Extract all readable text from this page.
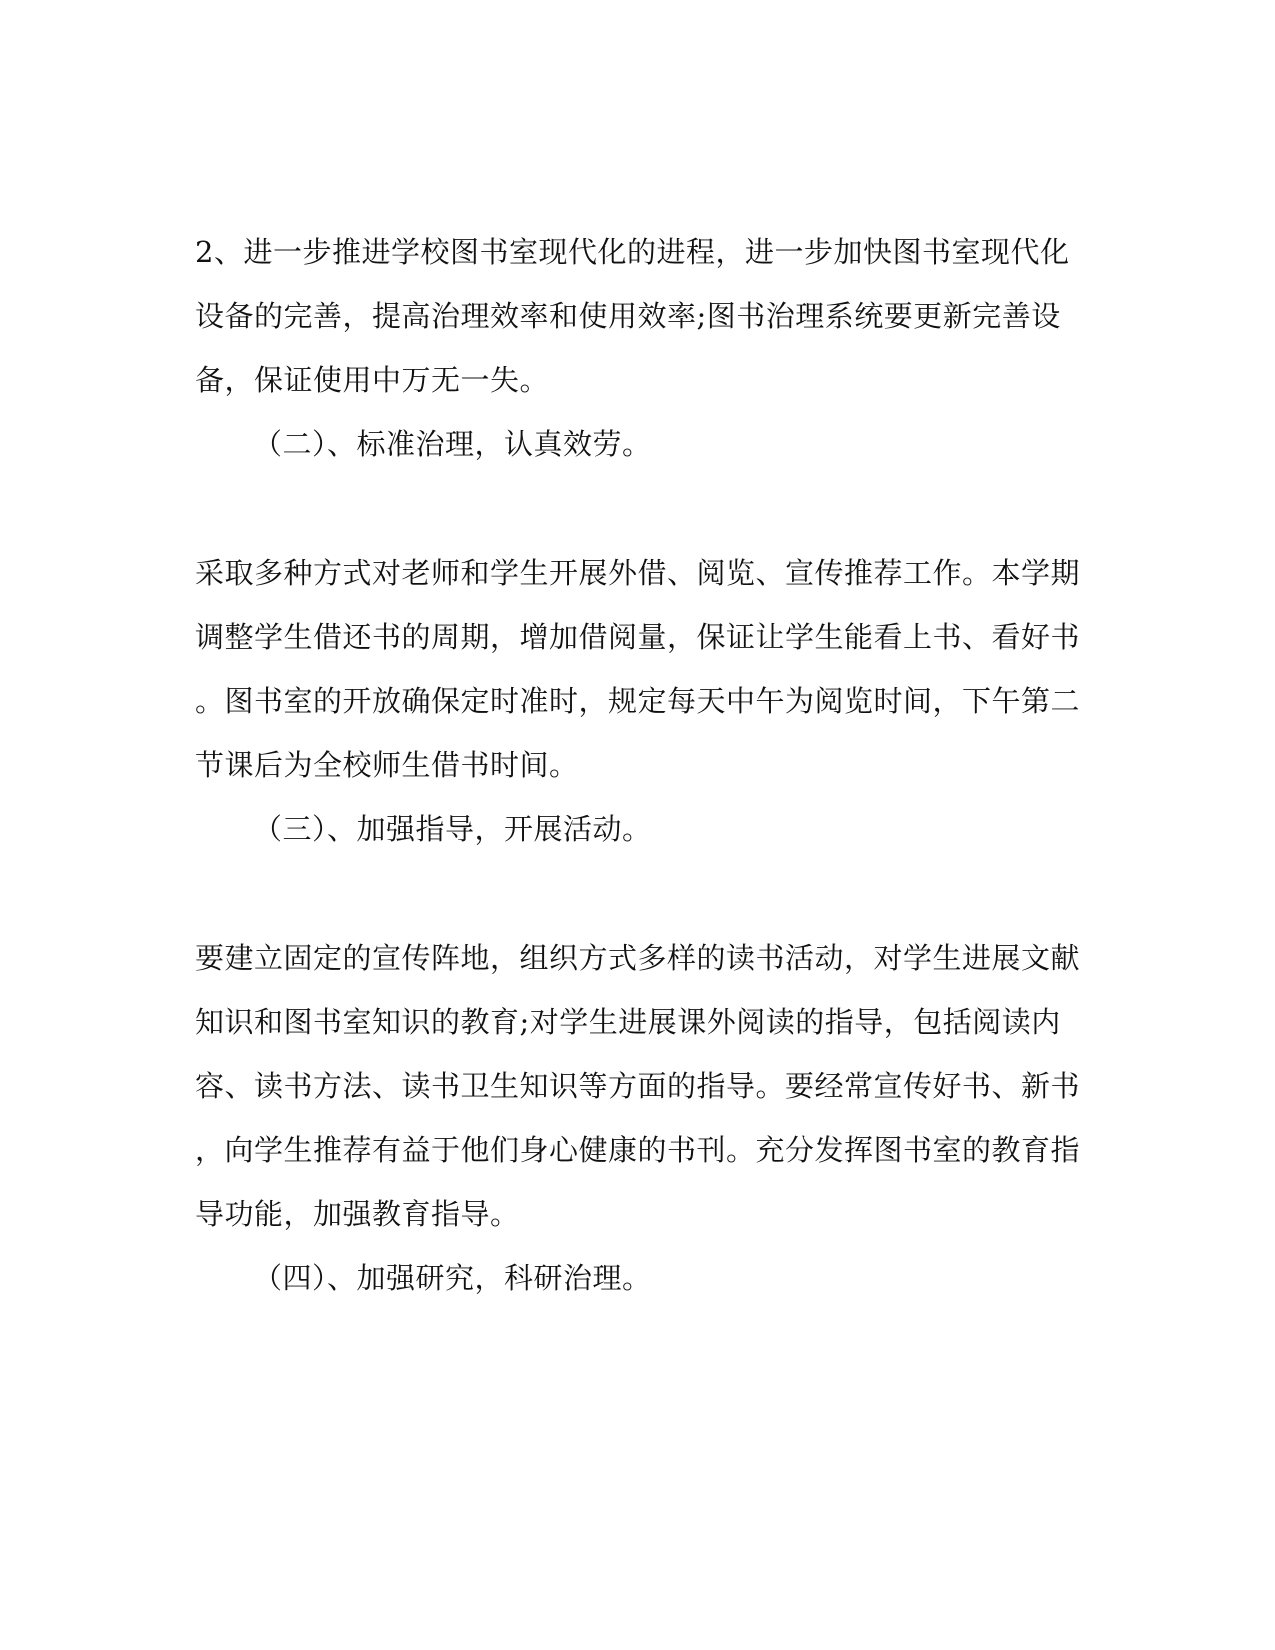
2、进一步推进学校图书室现代化的进程，进一步加快图书室现代化
设备的完善，提高治理效率和使用效率;图书治理系统要更新完善设
备，保证使用中万无一失。
（二）、标准治理，认真效劳。
采取多种方式对老师和学生开展外借、阅览、宣传推荐工作。本学期
调整学生借还书的周期，增加借阅量，保证让学生能看上书、看好书
。图书室的开放确保定时准时，规定每天中午为阅览时间，下午第二
节课后为全校师生借书时间。
（三）、加强指导，开展活动。
要建立固定的宣传阵地，组织方式多样的读书活动，对学生进展文献
知识和图书室知识的教育;对学生进展课外阅读的指导，包括阅读内
容、读书方法、读书卫生知识等方面的指导。要经常宣传好书、新书
，向学生推荐有益于他们身心健康的书刊。充分发挥图书室的教育指
导功能，加强教育指导。
（四）、加强研究，科研治理。
